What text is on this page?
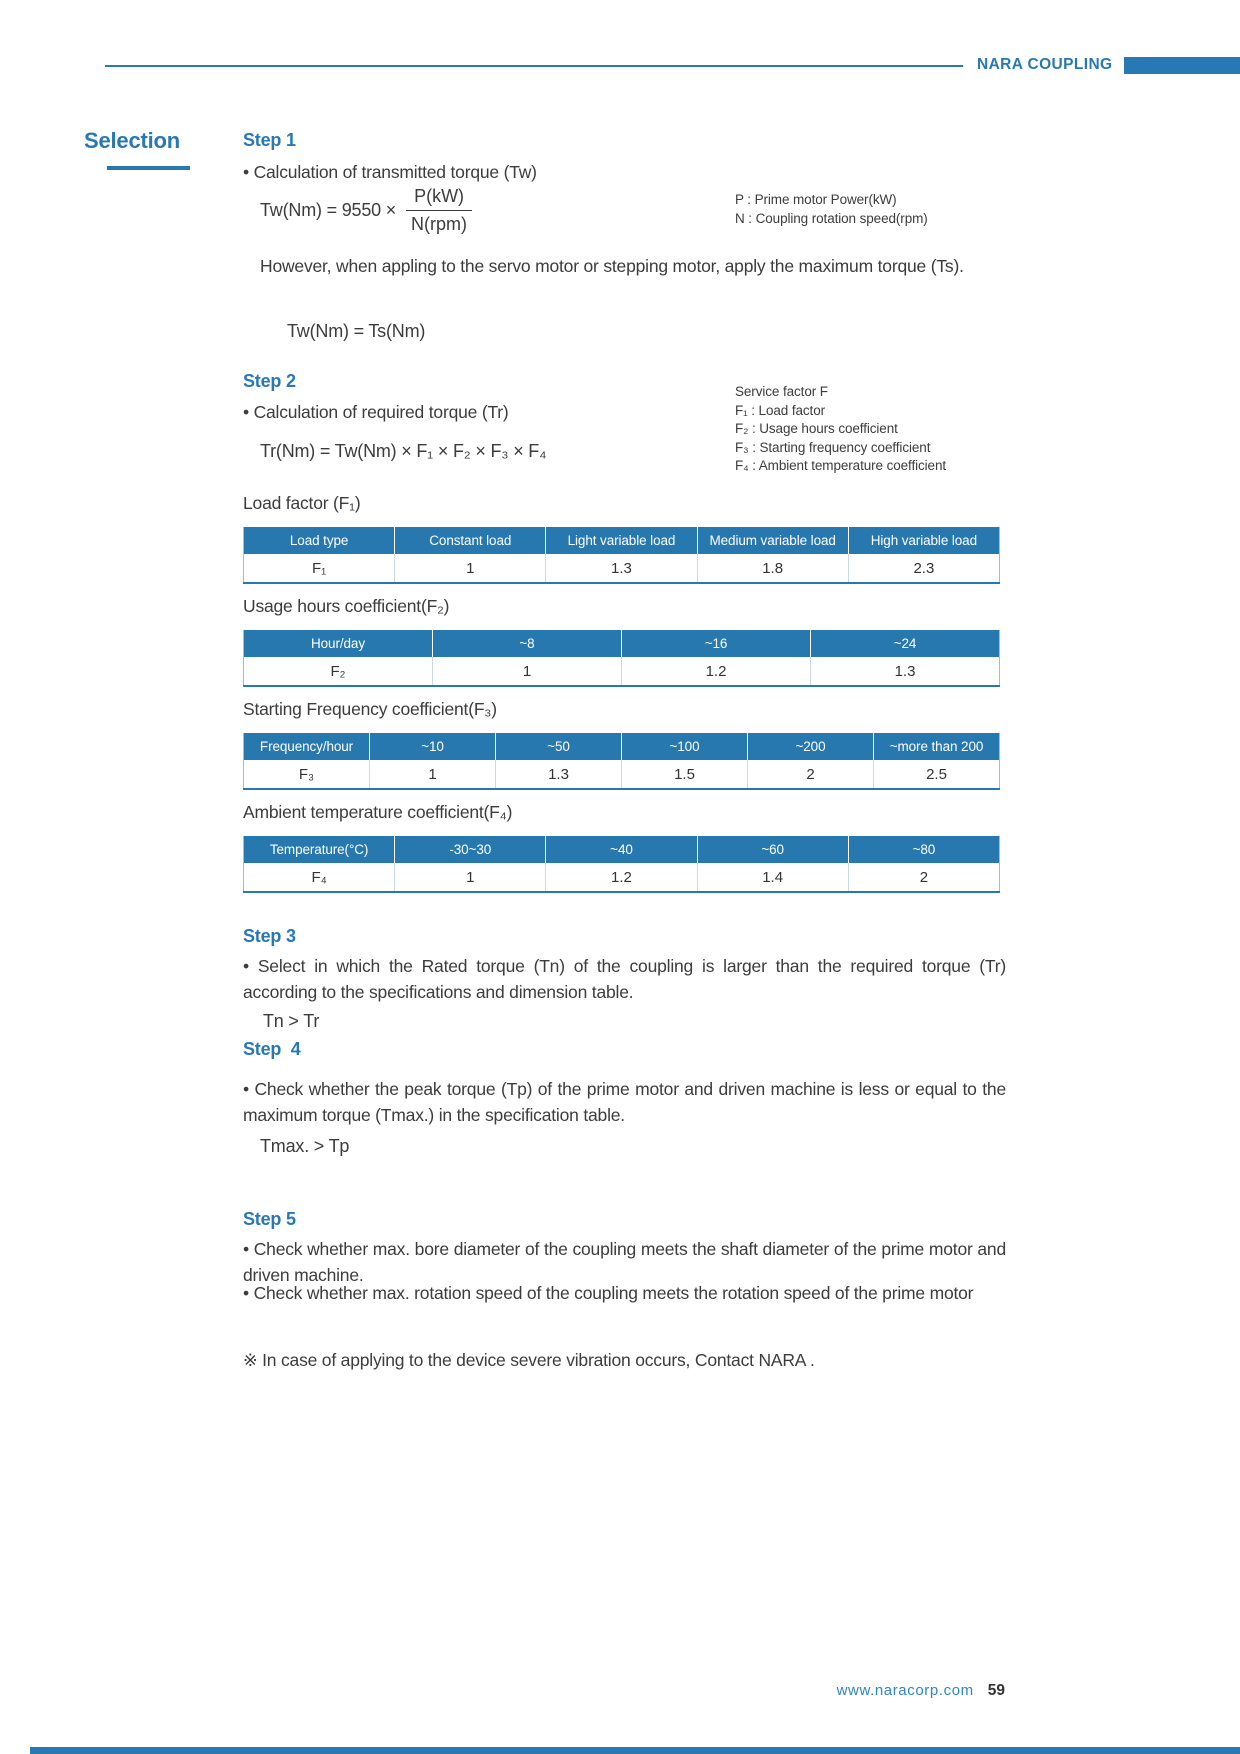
NARA COUPLING
Selection	Step 1
• Calculation of transmitted torque (Tw)
$Tw(Nm) = 9550 \times \frac{P(kW)}{\text{N(rpm)}}$	P : Prime motor Power(kW)
N : Coupling rotation speed(rpm)
However, when appling to the servo motor or stepping motor, apply the maximum torque (Ts).
Tw(Nm) = Ts(Nm)
Step 2
• Calculation of required torque (Tr)
Service factor F
F₁ : Load factor
F₂ : Usage hours coefficient
F₃ : Starting frequency coefficient
F₄ : Ambient temperature coefficient
Tr(Nm) = Tw(Nm) × F₁ × F₂ × F₃ × F₄
Load factor (F₁)
Load type	Constant load	Light variable load	Medium variable load	High variable load
F₁	1	1.3	1.8	2.3
Usage hours coefficient(F₂)
Hour/day	~8	~16	~24
F₂	1	1.2	1.3
Starting Frequency coefficient(F₃)
Frequency/hour	~10	~50	~100	~200	~more than 200
F₃	1	1.3	1.5	2	2.5
Ambient temperature coefficient(F₄)
Temperature(°C)	-30~30	~40	~60	~80
F₄	1	1.2	1.4	2
Step 3
• Select in which the Rated torque (Tn) of the coupling is larger than the required torque (Tr) according to the specifications and dimension table.
Tn > Tr
Step  4
• Check whether the peak torque (Tp) of the prime motor and driven machine is less or equal to the maximum torque (Tmax.) in the specification table.
Tmax. > Tp
Step 5
• Check whether max. bore diameter of the coupling meets the shaft diameter of the prime motor and driven machine.
• Check whether max. rotation speed of the coupling meets the rotation speed of the prime motor
※ In case of applying to the device severe vibration occurs, Contact NARA .
www.naracorp.com 59
